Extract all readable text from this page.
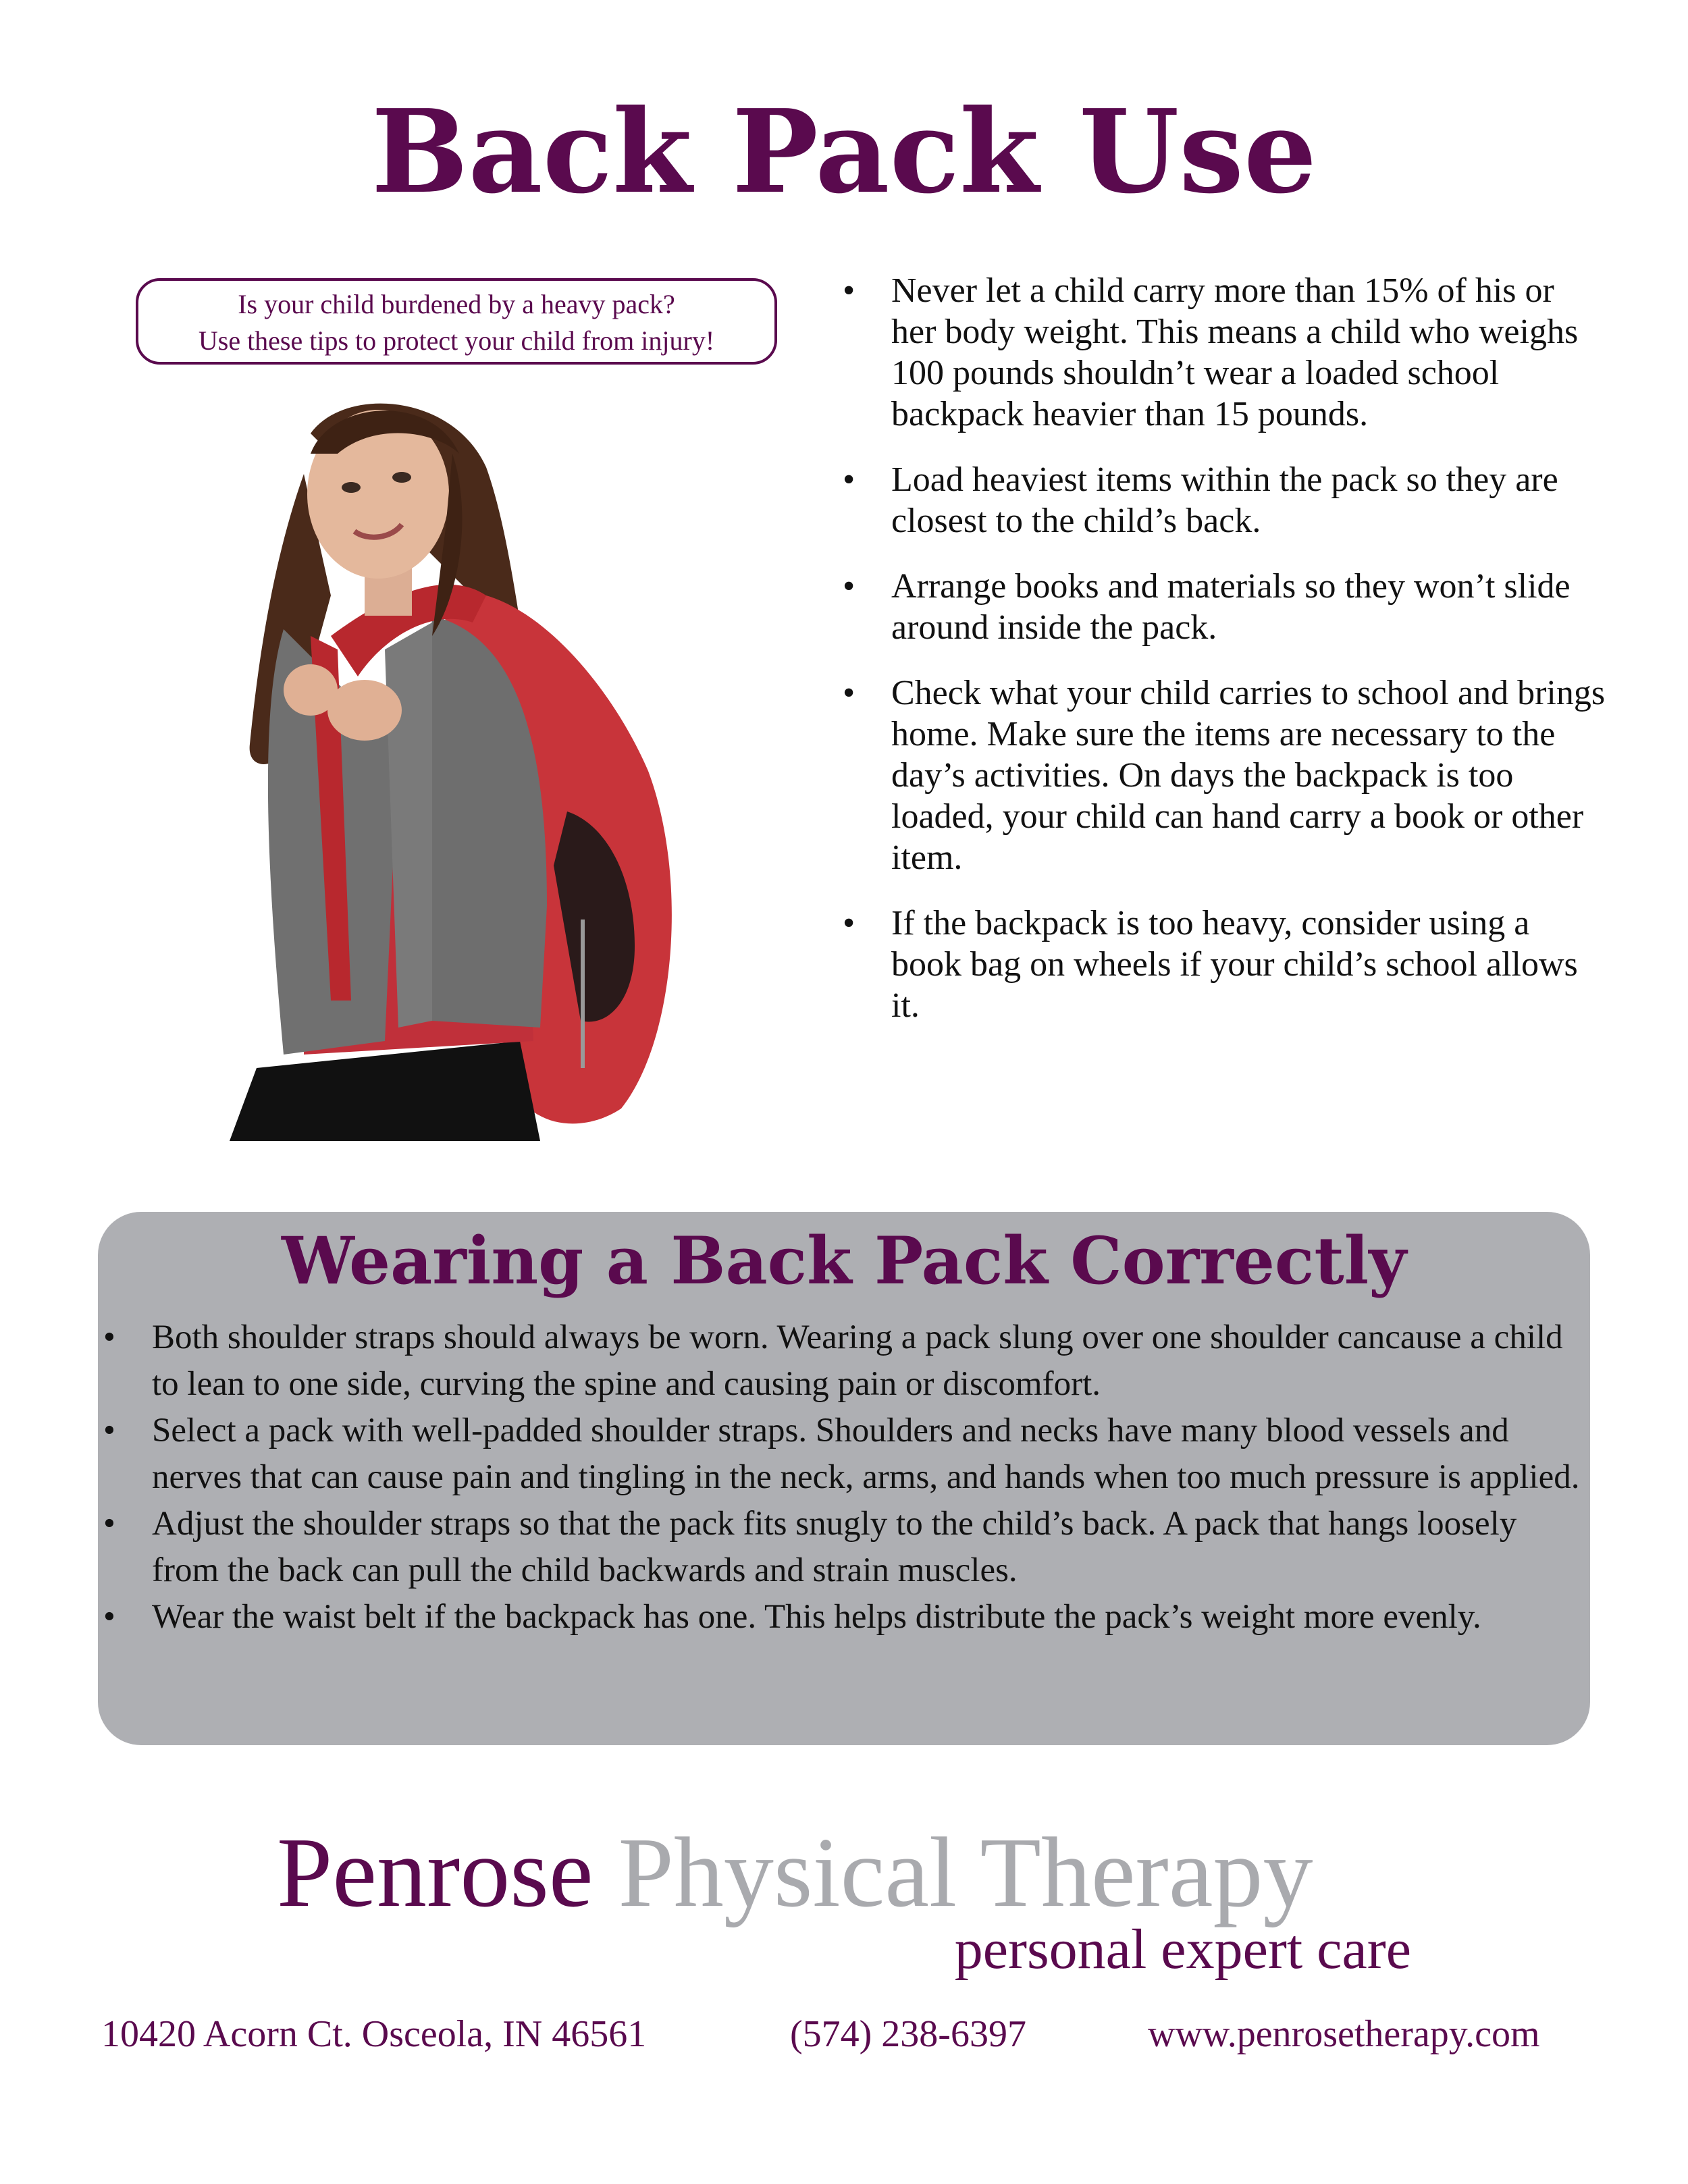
Back Pack Use
Is your child burdened by a heavy pack?
Use these tips to protect your child from injury!
• Never let a child carry more than 15% of his or her body weight. This means a child who weighs 100 pounds shouldn’t wear a loaded school backpack heavier than 15 pounds.
• Load heaviest items within the pack so they are closest to the child’s back.
• Arrange books and materials so they won’t slide around inside the pack.
• Check what your child carries to school and brings home. Make sure the items are necessary to the day’s activities. On days the backpack is too loaded, your child can hand carry a book or other item.
• If the backpack is too heavy, consider using a book bag on wheels if your child’s school allows it.
Wearing a Back Pack Correctly
• Both shoulder straps should always be worn. Wearing a pack slung over one shoulder cancause a child to lean to one side, curving the spine and causing pain or discomfort.
• Select a pack with well-padded shoulder straps. Shoulders and necks have many blood vessels and nerves that can cause pain and tingling in the neck, arms, and hands when too much pressure is applied.
• Adjust the shoulder straps so that the pack fits snugly to the child’s back. A pack that hangs loosely from the back can pull the child backwards and strain muscles.
• Wear the waist belt if the backpack has one. This helps distribute the pack’s weight more evenly.
Penrose Physical Therapy
personal expert care
10420 Acorn Ct. Osceola, IN 46561	(574) 238-6397	www.penrosetherapy.com
